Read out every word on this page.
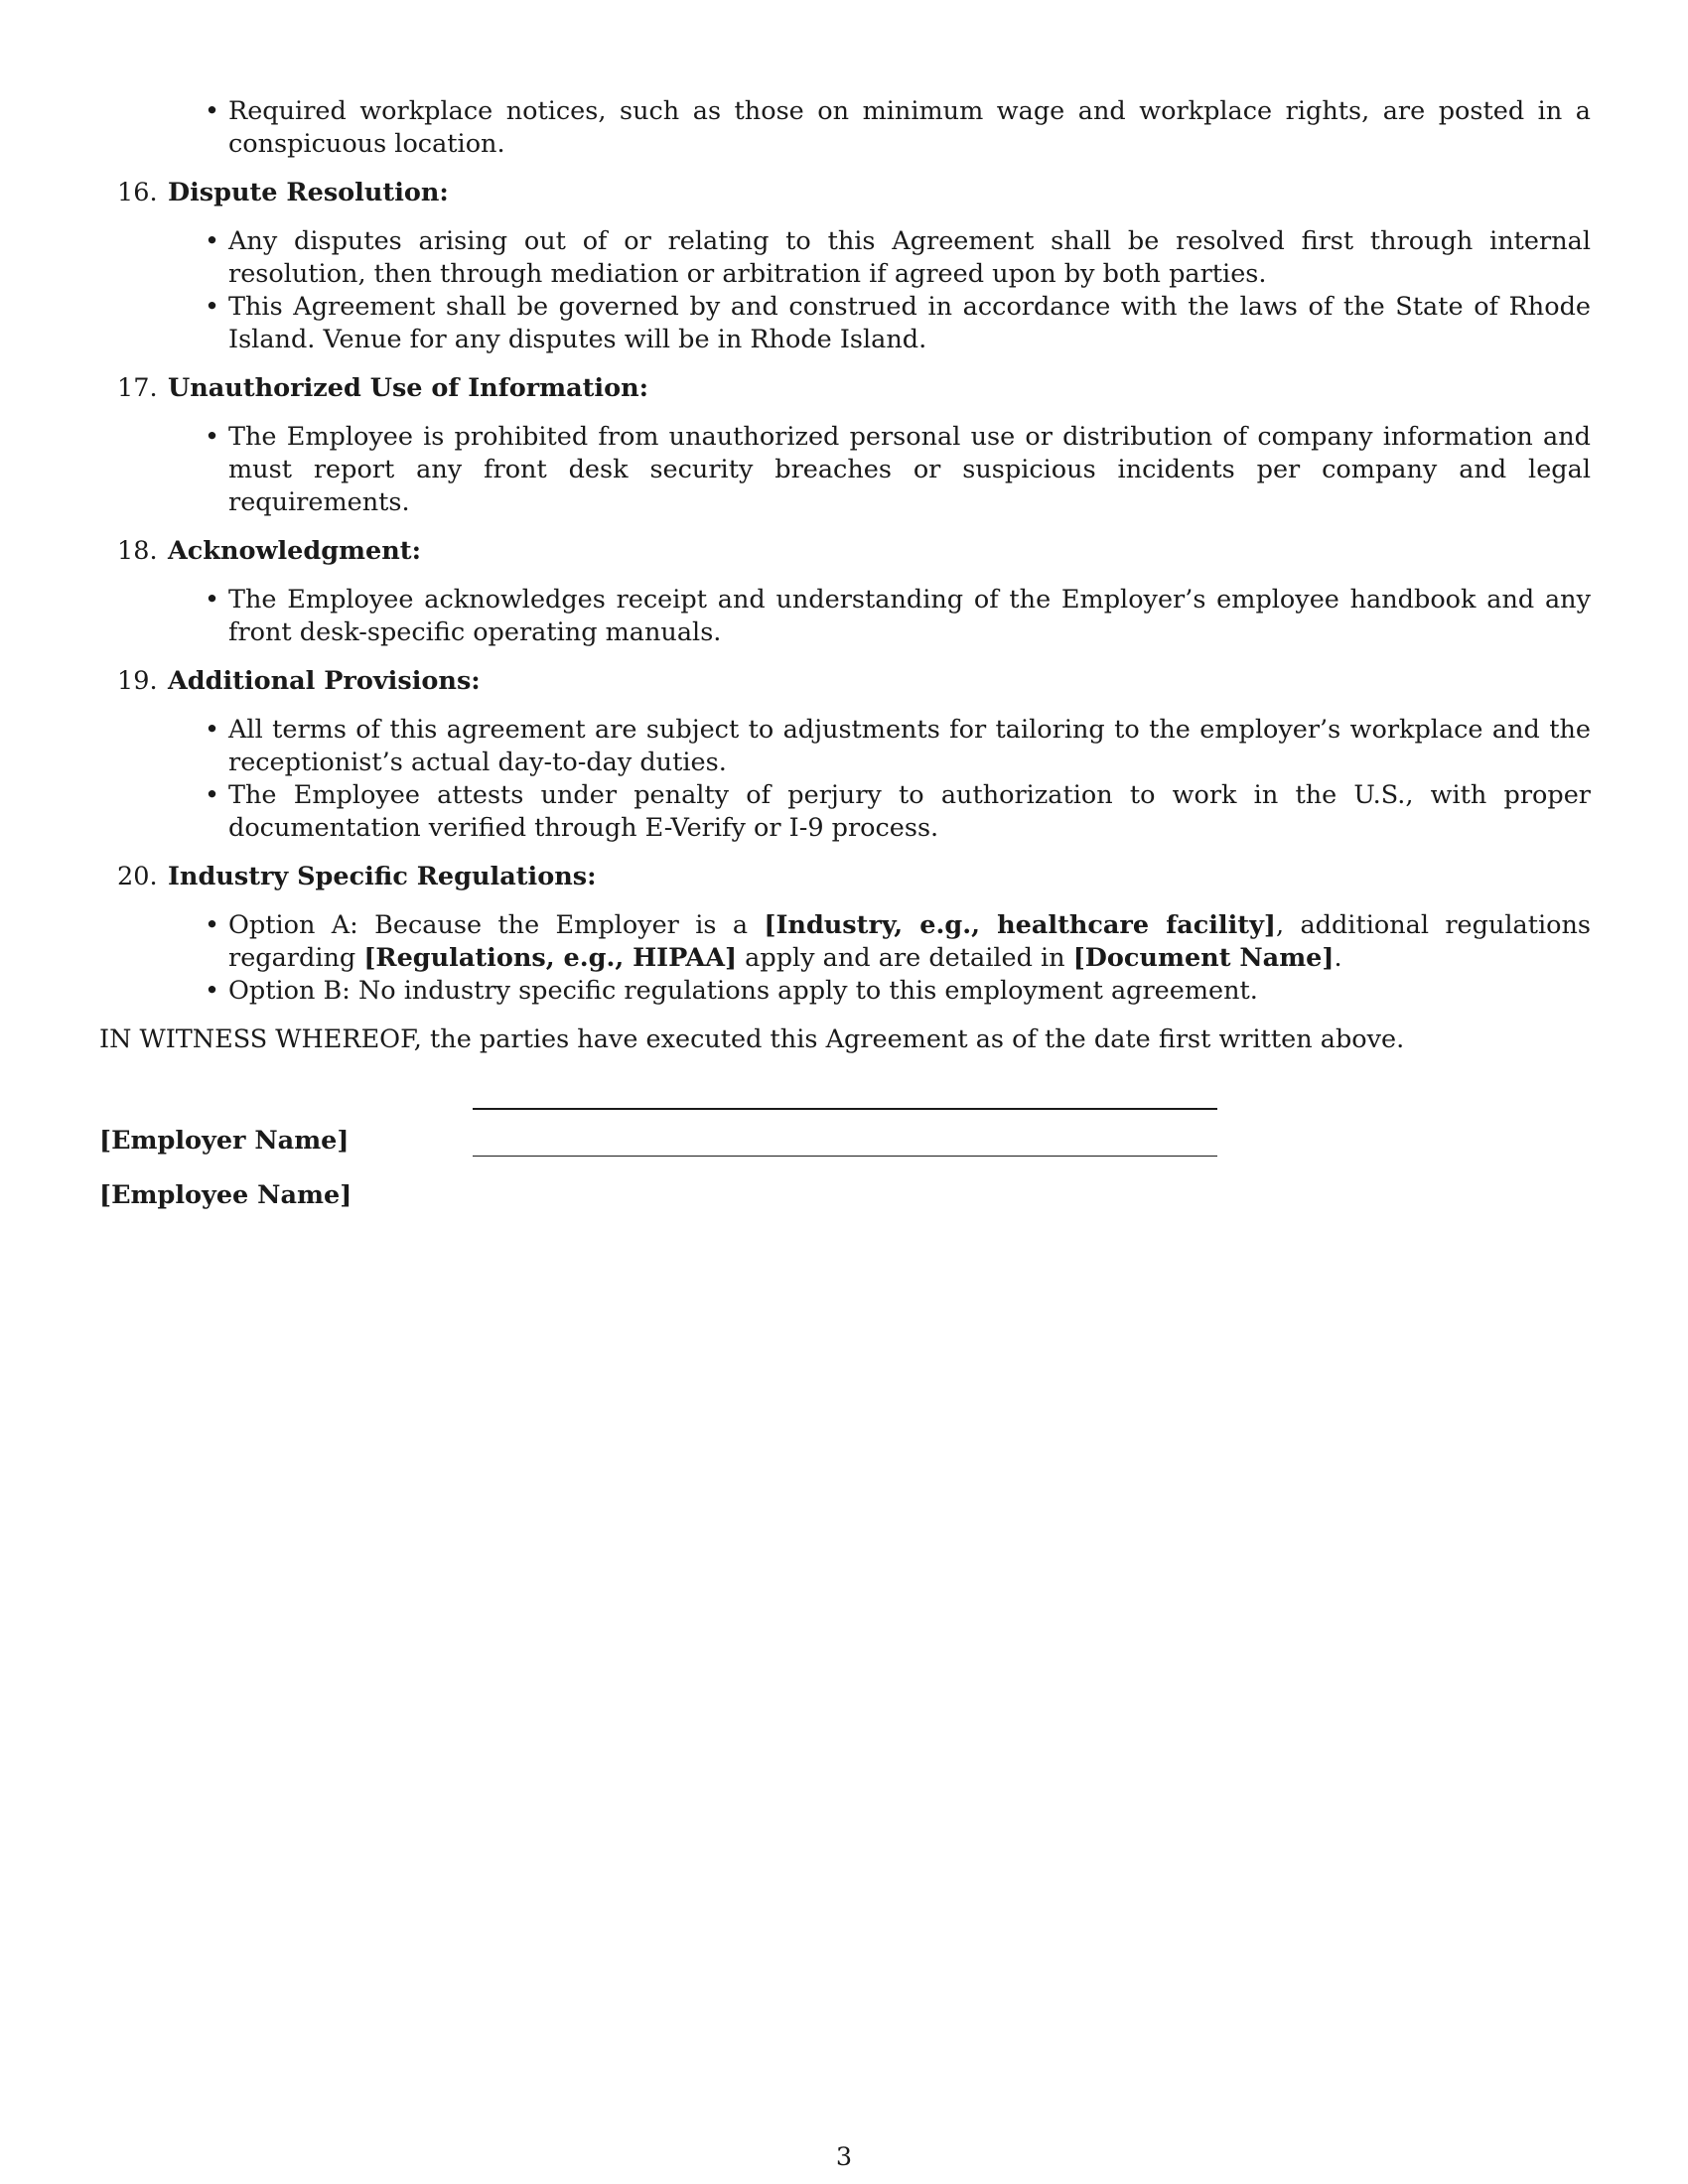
• Required workplace notices, such as those on minimum wage and workplace rights, are posted in a conspicuous location.
16. Dispute Resolution:
• Any disputes arising out of or relating to this Agreement shall be resolved first through internal resolution, then through mediation or arbitration if agreed upon by both parties.
• This Agreement shall be governed by and construed in accordance with the laws of the State of Rhode Island. Venue for any disputes will be in Rhode Island.
17. Unauthorized Use of Information:
• The Employee is prohibited from unauthorized personal use or distribution of company information and must report any front desk security breaches or suspicious incidents per company and legal requirements.
18. Acknowledgment:
• The Employee acknowledges receipt and understanding of the Employer’s employee handbook and any front desk-specific operating manuals.
19. Additional Provisions:
• All terms of this agreement are subject to adjustments for tailoring to the employer’s workplace and the receptionist’s actual day-to-day duties.
• The Employee attests under penalty of perjury to authorization to work in the U.S., with proper documentation verified through E-Verify or I-9 process.
20. Industry Specific Regulations:
• Option A: Because the Employer is a [Industry, e.g., healthcare facility], additional regulations regarding [Regulations, e.g., HIPAA] apply and are detailed in [Document Name].
• Option B: No industry specific regulations apply to this employment agreement.
IN WITNESS WHEREOF, the parties have executed this Agreement as of the date first written above.
[Employer Name]
[Employee Name]
3
